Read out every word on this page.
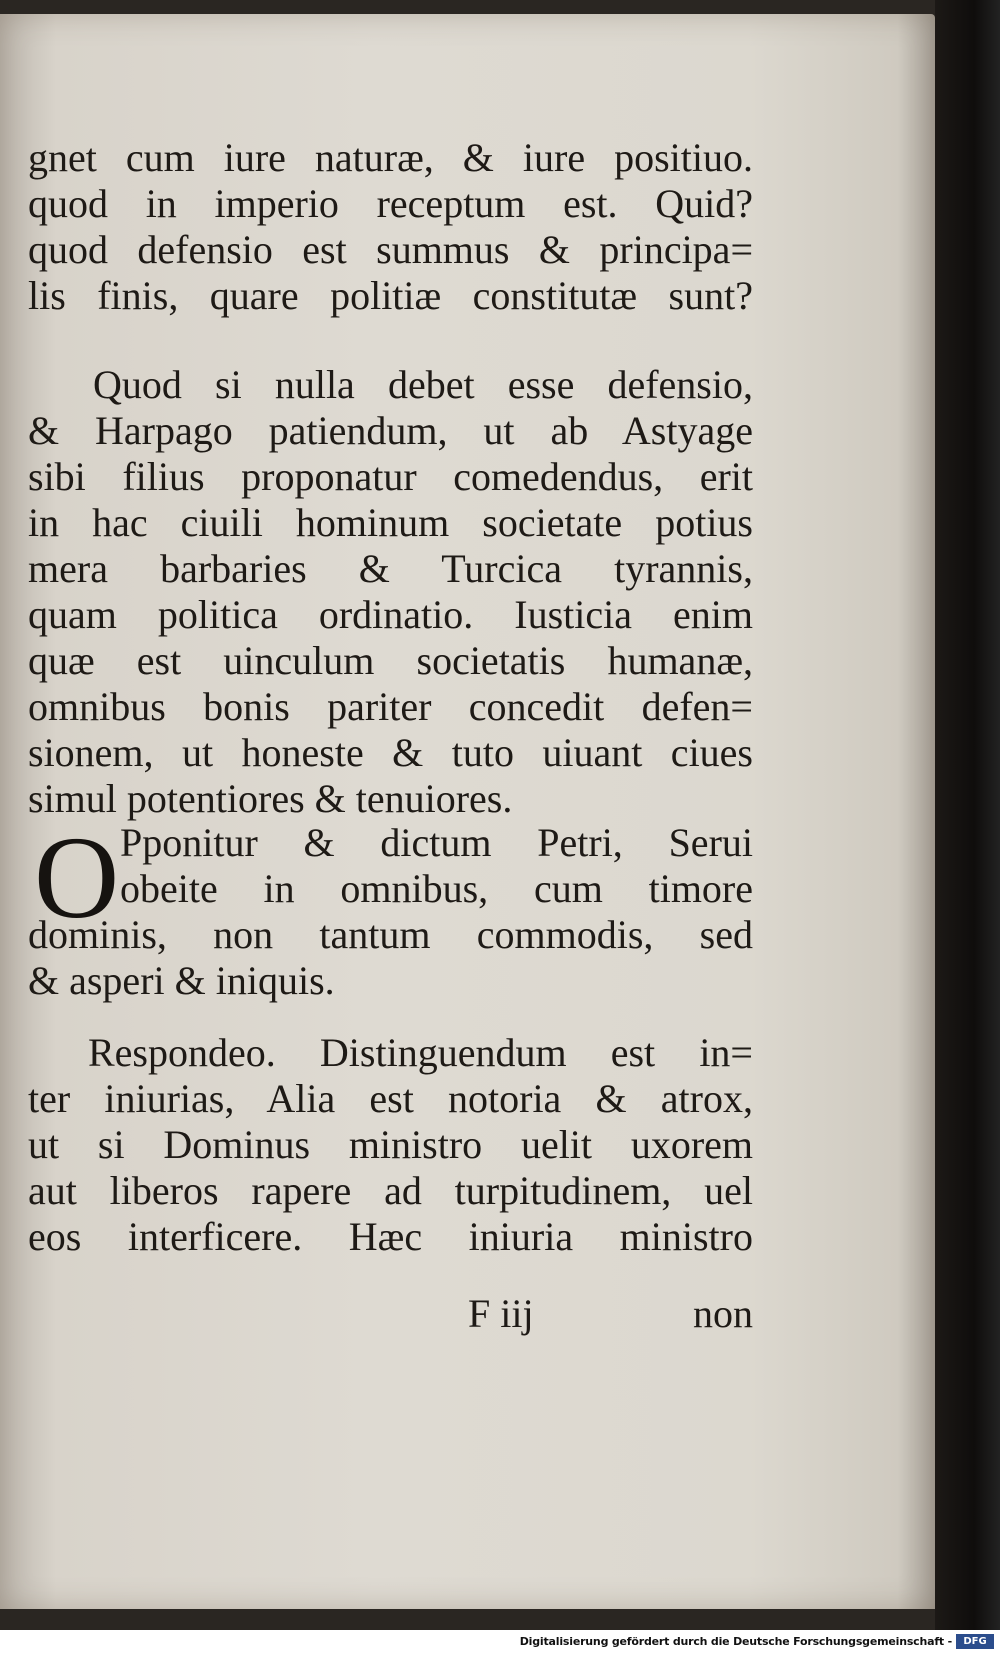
gnet cum iure naturæ, & iure positiuo.
quod in imperio receptum est. Quid?
quod defensio est summus & principa=
lis finis, quare politiæ constitutæ sunt?
Quod si nulla debet esse defensio,
& Harpago patiendum, ut ab Astyage
sibi filius proponatur comedendus, erit
in hac ciuili hominum societate potius
mera barbaries & Turcica tyrannis,
quam politica ordinatio. Iusticia enim
quæ est uinculum societatis humanæ,
omnibus bonis pariter concedit defen=
sionem, ut honeste & tuto uiuant ciues
simul potentiores & tenuiores.
O Pponitur & dictum Petri, Serui
obeite in omnibus, cum timore
dominis, non tantum commodis, sed
& asperi & iniquis.
Respondeo. Distinguendum est in=
ter iniurias, Alia est notoria & atrox,
ut si Dominus ministro uelit uxorem
aut liberos rapere ad turpitudinem, uel
eos interficere. Hæc iniuria ministro
F iij	non
Digitalisierung gefördert durch die Deutsche Forschungsgemeinschaft -	DFG
